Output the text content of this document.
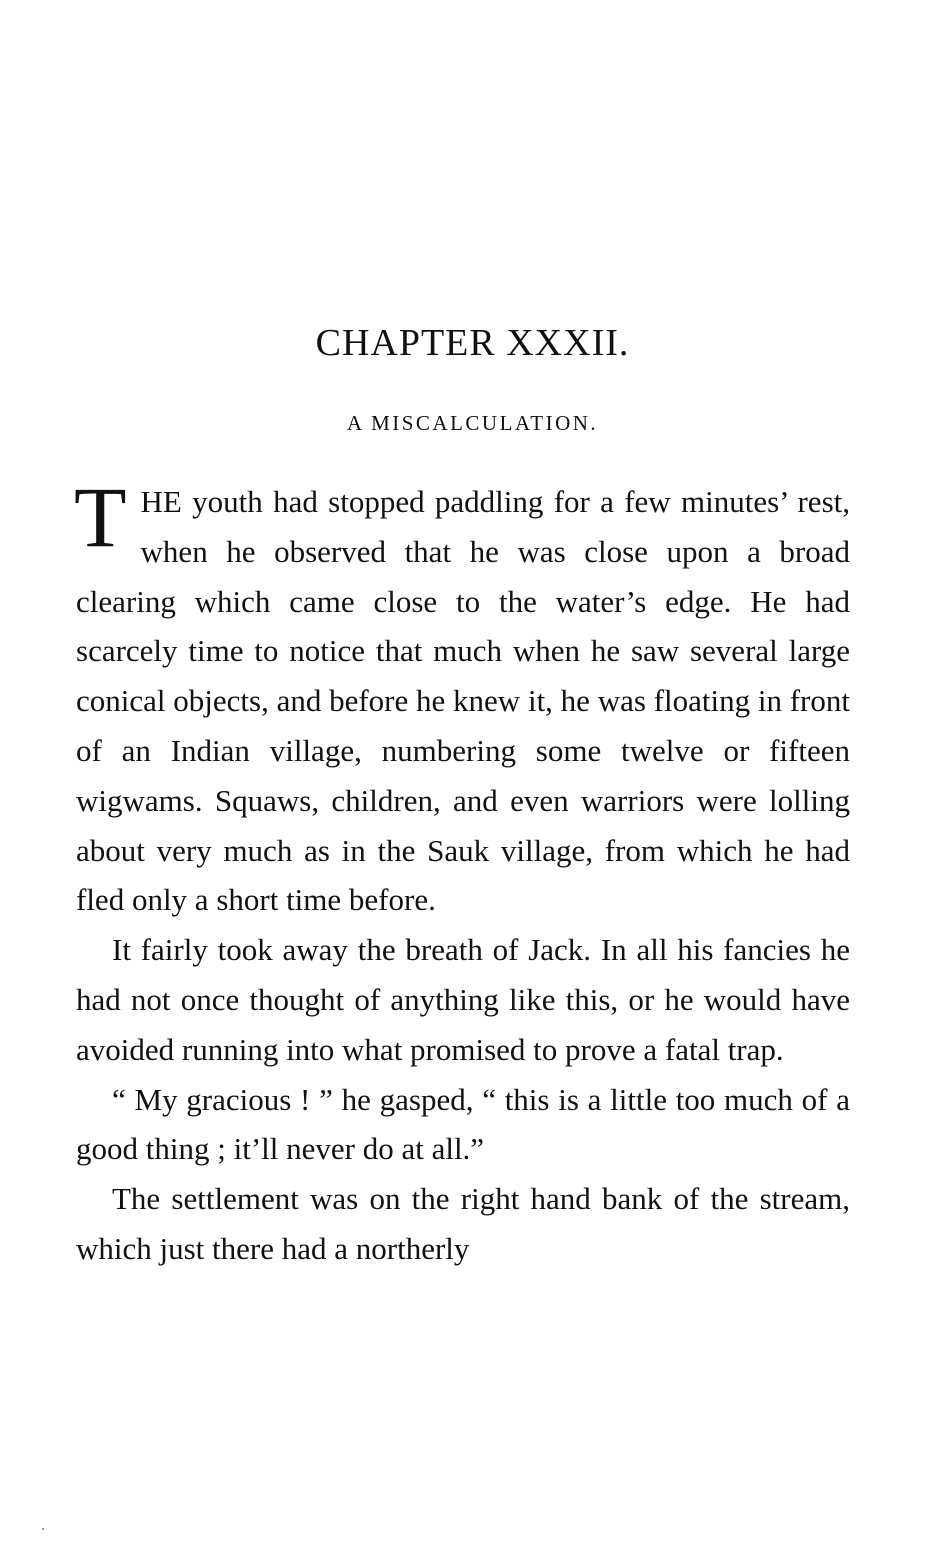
CHAPTER XXXII.
A MISCALCULATION.

THE youth had stopped paddling for a few minutes’ rest, when he observed that he was close upon a broad clearing which came close to the water’s edge. He had scarcely time to notice that much when he saw several large conical objects, and before he knew it, he was floating in front of an Indian village, numbering some twelve or fifteen wigwams. Squaws, children, and even warriors were lolling about very much as in the Sauk village, from which he had fled only a short time before.

It fairly took away the breath of Jack. In all his fancies he had not once thought of anything like this, or he would have avoided running into what promised to prove a fatal trap.

“ My gracious ! ” he gasped, “ this is a little too much of a good thing ; it’ll never do at all.”

The settlement was on the right hand bank of the stream, which just there had a northerly
